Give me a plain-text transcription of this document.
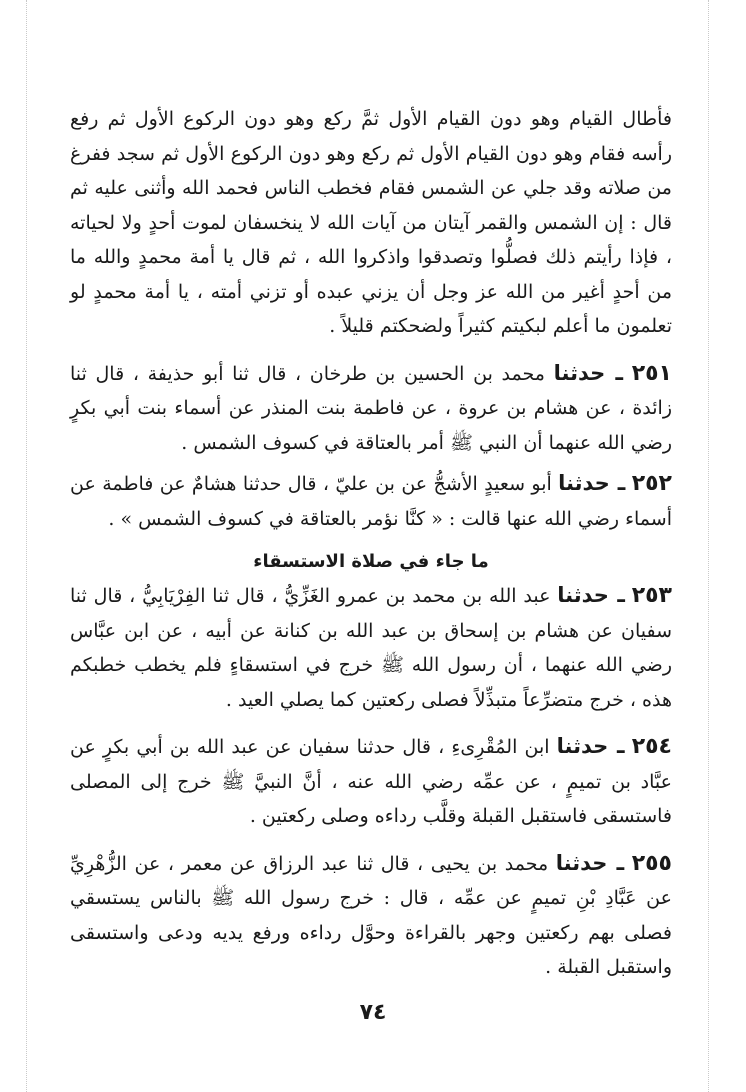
فأطال القيام وهو دون القيام الأول ثمَّ ركع وهو دون الركوع الأول ثم رفع رأسه فقام وهو دون القيام الأول ثم ركع وهو دون الركوع الأول ثم سجد ففرغ من صلاته وقد جلي عن الشمس فقام فخطب الناس فحمد الله وأثنى عليه ثم قال : إن الشمس والقمر آيتان من آيات الله لا ينخسفان لموت أحدٍ ولا لحياته ، فإذا رأيتم ذلك فصلُّوا وتصدقوا واذكروا الله ، ثم قال يا أمة محمدٍ والله ما من أحدٍ أغير من الله عز وجل أن يزني عبده أو تزني أمته ، يا أمة محمدٍ لو تعلمون ما أعلم لبكيتم كثيراً ولضحكتم قليلاً .

٢٥١ ـ حدثنا محمد بن الحسين بن طرخان ، قال ثنا أبو حذيفة ، قال ثنا زائدة ، عن هشام بن عروة ، عن فاطمة بنت المنذر عن أسماء بنت أبي بكرٍ رضي الله عنهما أن النبي ﷺ أمر بالعتاقة في كسوف الشمس .

٢٥٢ ـ حدثنا أبو سعيدٍ الأشجُّ عن بن عليّ ، قال حدثنا هشامٌ عن فاطمة عن أسماء رضي الله عنها قالت : « كنَّا نؤمر بالعتاقة في كسوف الشمس » .

ما جاء في صلاة الاستسقاء

٢٥٣ ـ حدثنا عبد الله بن محمد بن عمرو الغَزِّيُّ ، قال ثنا الفِرْيَابِيُّ ، قال ثنا سفيان عن هشام بن إسحاق بن عبد الله بن كنانة عن أبيه ، عن ابن عبَّاس رضي الله عنهما ، أن رسول الله ﷺ خرج في استسقاءٍ فلم يخطب خطبكم هذه ، خرج متضرِّعاً متبذِّلاً فصلى ركعتين كما يصلي العيد .

٢٥٤ ـ حدثنا ابن المُقْرِىءِ ، قال حدثنا سفيان عن عبد الله بن أبي بكرٍ عن عبَّاد بن تميمٍ ، عن عمِّه رضي الله عنه ، أنَّ النبيَّ ﷺ خرج إلى المصلى فاستسقى فاستقبل القبلة وقلَّب رداءه وصلى ركعتين .

٢٥٥ ـ حدثنا محمد بن يحيى ، قال ثنا عبد الرزاق عن معمر ، عن الزُّهْرِيِّ عن عَبَّادِ بْنِ تميمٍ عن عمِّه ، قال : خرج رسول الله ﷺ بالناس يستسقي فصلى بهم ركعتين وجهر بالقراءة وحوَّل رداءه ورفع يديه ودعى واستسقى واستقبل القبلة .

٧٤
